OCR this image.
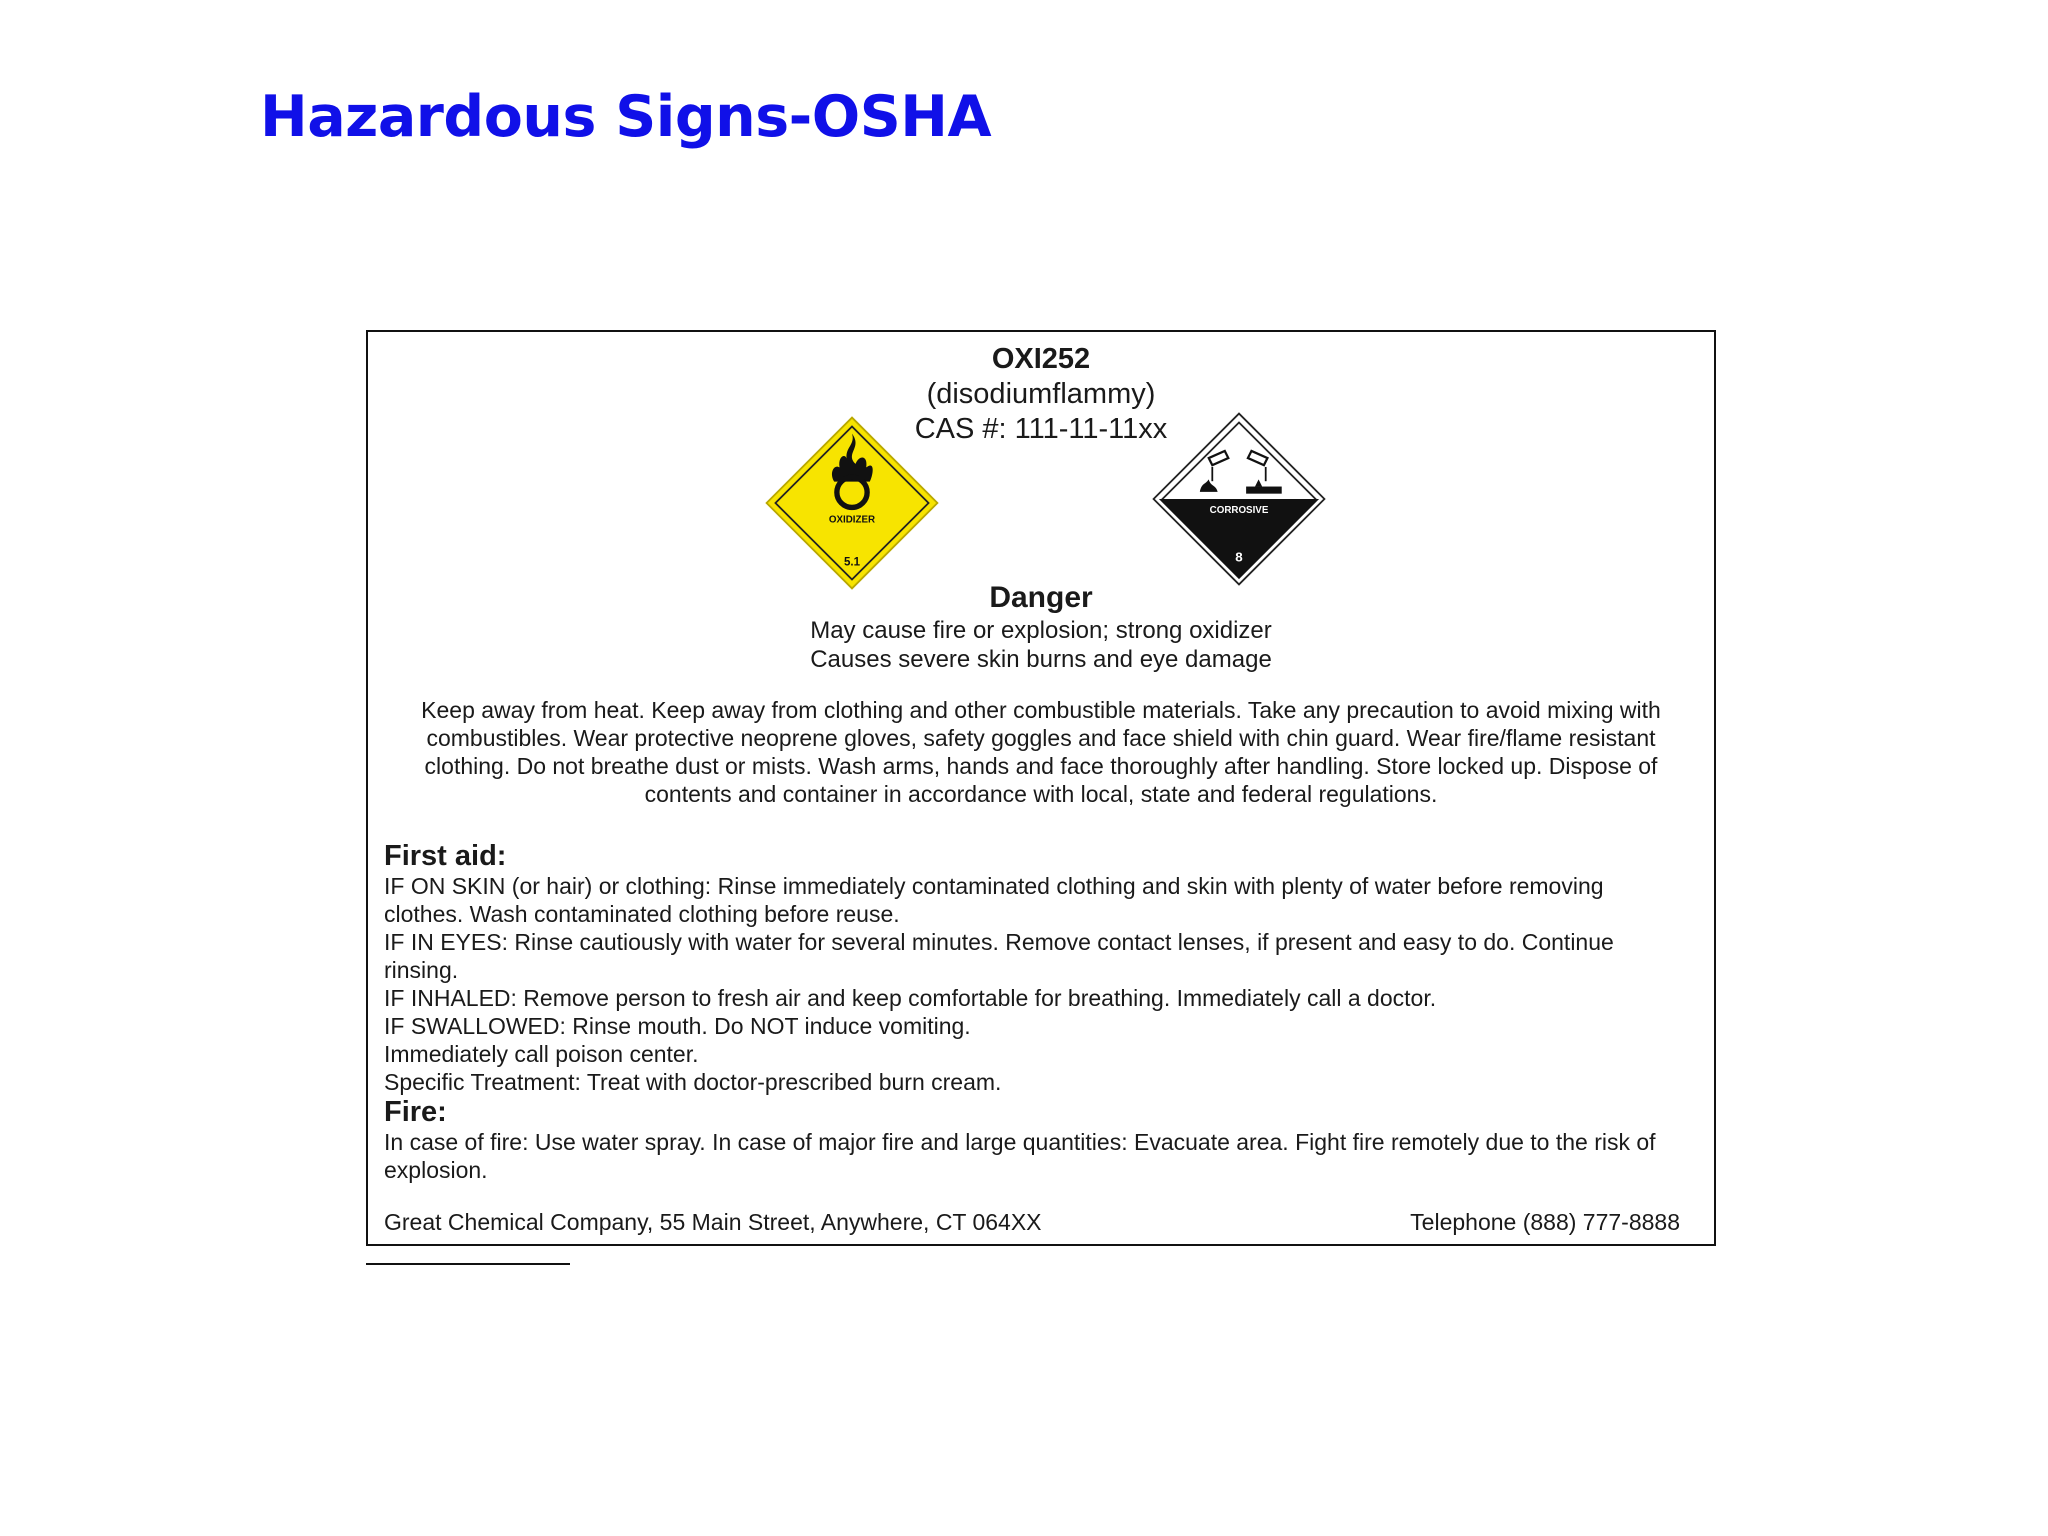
Hazardous Signs-OSHA
OXI252
(disodiumflammy)
CAS #: 111-11-11xx
OXIDIZER
5.1
CORROSIVE
8
Danger
May cause fire or explosion; strong oxidizer
Causes severe skin burns and eye damage
Keep away from heat. Keep away from clothing and other combustible materials. Take any precaution to avoid mixing with combustibles. Wear protective neoprene gloves, safety goggles and face shield with chin guard. Wear fire/flame resistant clothing. Do not breathe dust or mists. Wash arms, hands and face thoroughly after handling. Store locked up. Dispose of contents and container in accordance with local, state and federal regulations.
First aid:

IF ON SKIN (or hair) or clothing: Rinse immediately contaminated clothing and skin with plenty of water before removing clothes. Wash contaminated clothing before reuse.

IF IN EYES: Rinse cautiously with water for several minutes. Remove contact lenses, if present and easy to do. Continue rinsing.

IF INHALED: Remove person to fresh air and keep comfortable for breathing. Immediately call a doctor.

IF SWALLOWED: Rinse mouth. Do NOT induce vomiting.

Immediately call poison center.

Specific Treatment: Treat with doctor-prescribed burn cream.

Fire:

In case of fire: Use water spray. In case of major fire and large quantities: Evacuate area. Fight fire remotely due to the risk of explosion.

Great Chemical Company, 55 Main Street, Anywhere, CT 064XX	Telephone (888) 777-8888
